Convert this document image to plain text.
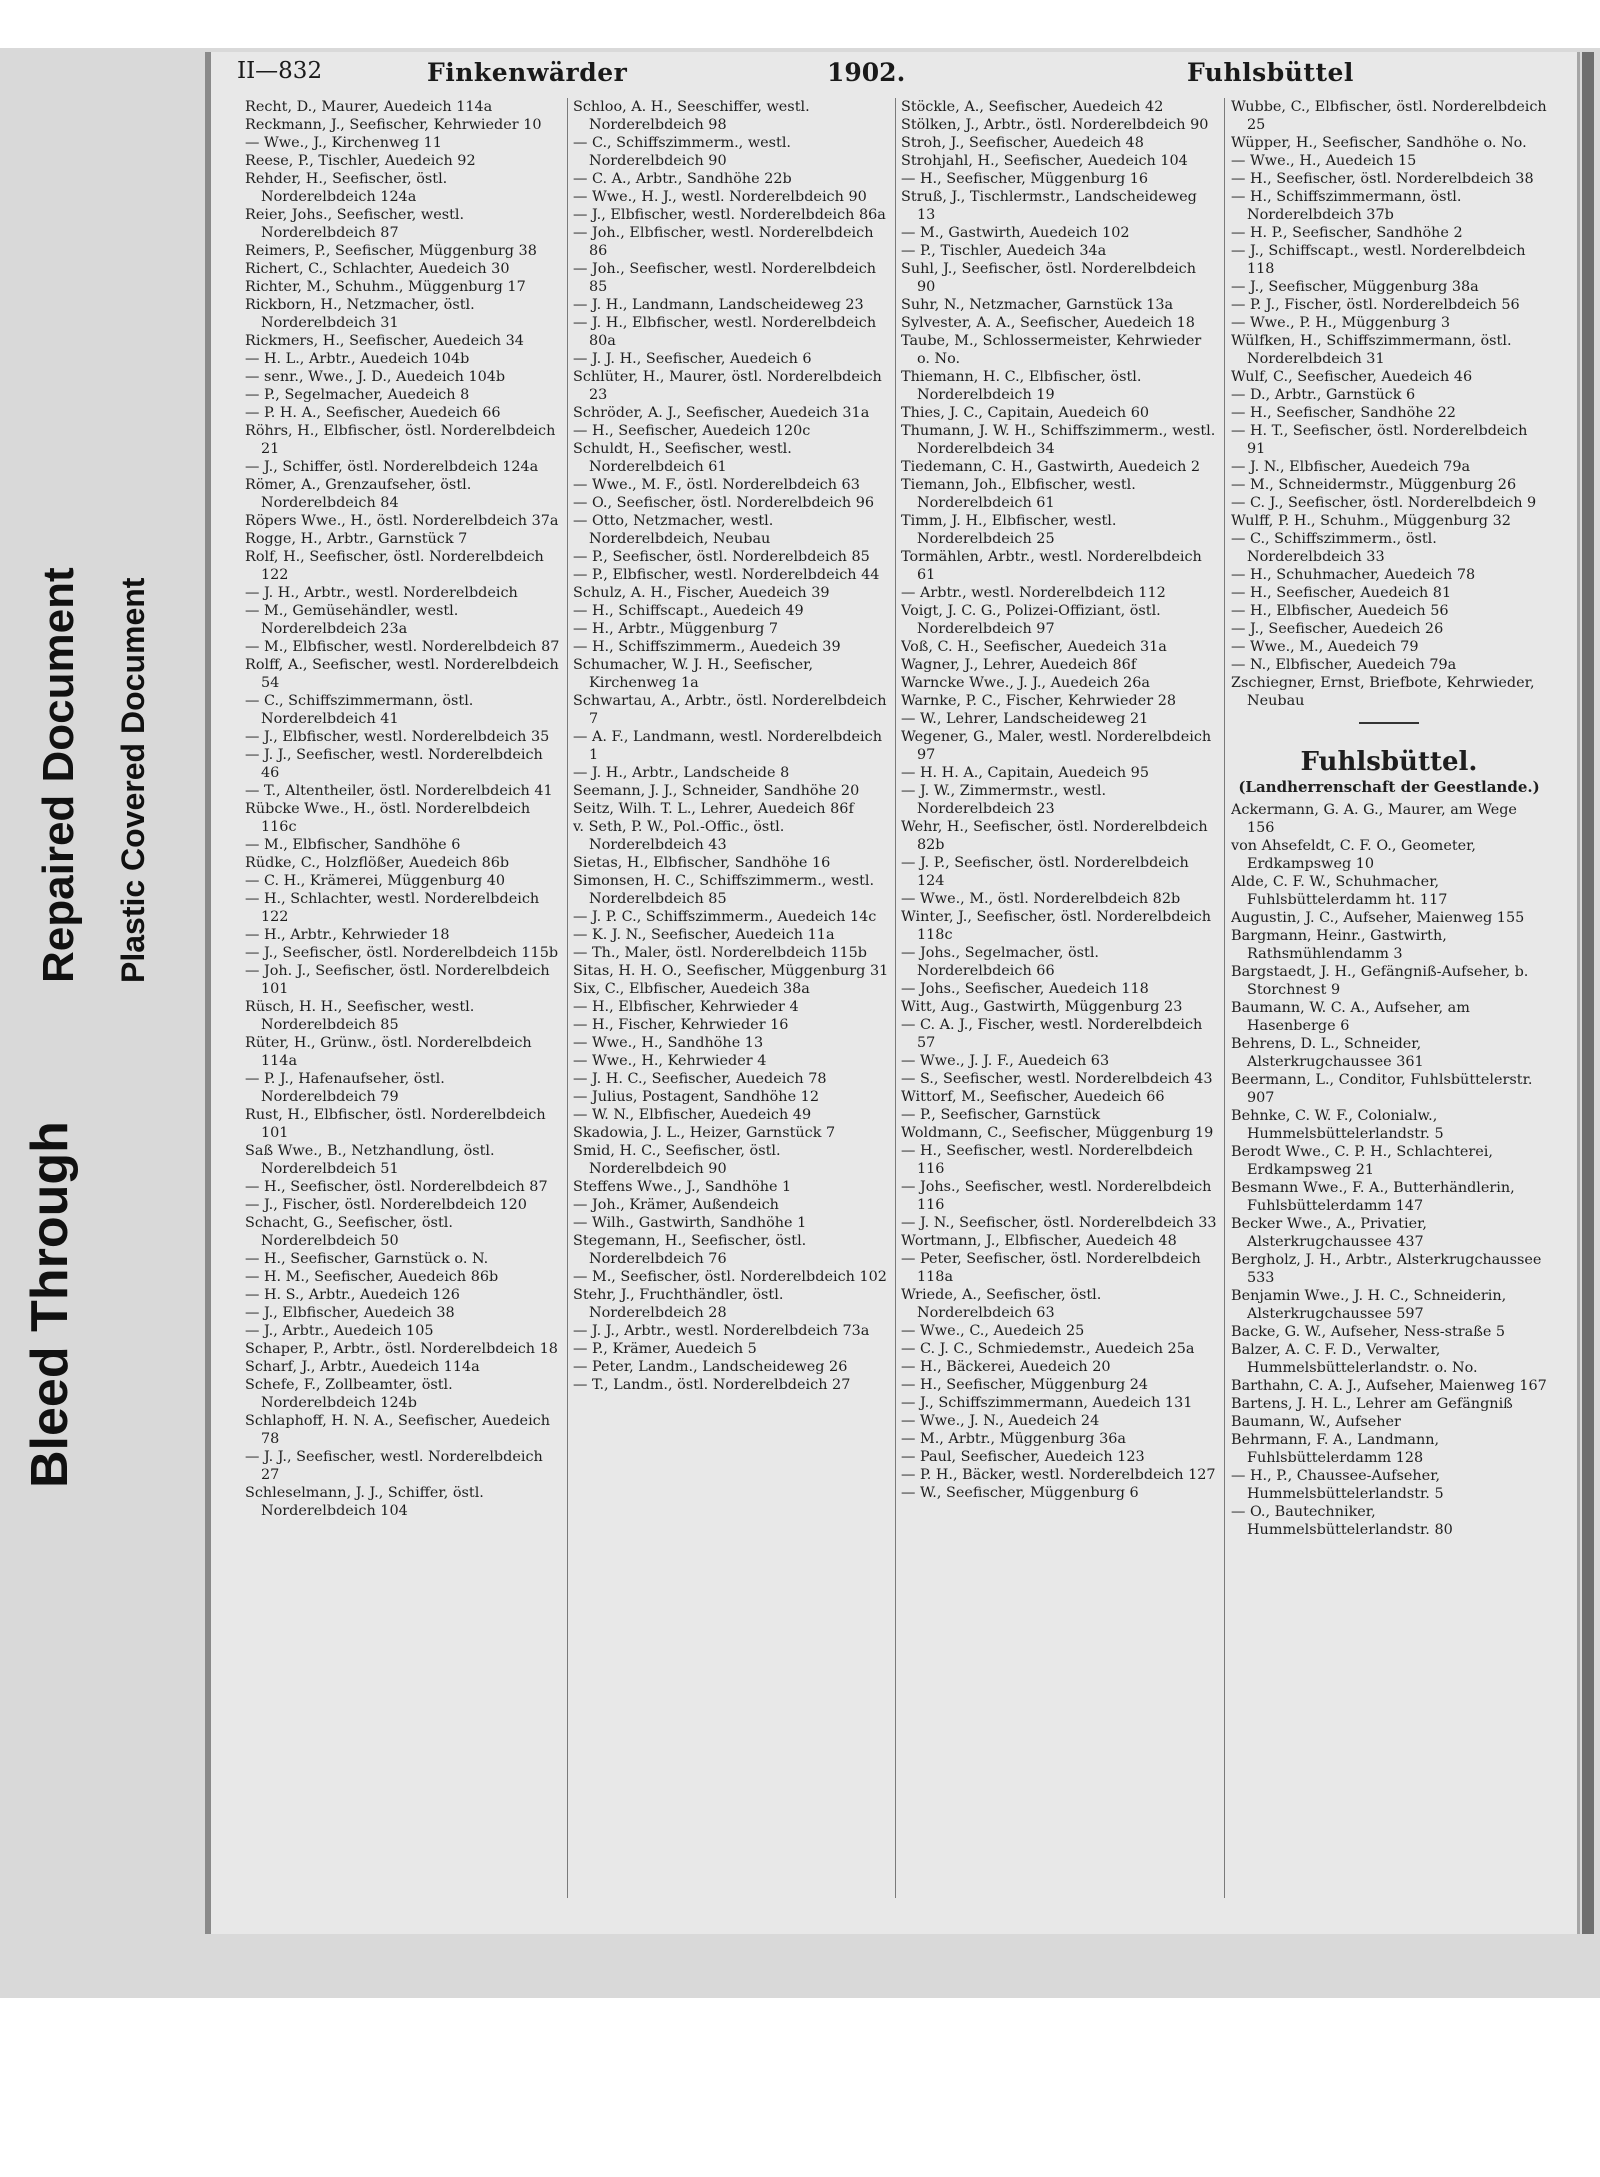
Bleed Through
Repaired Document Plastic Covered Document
II—832	Finkenwärder	1902.	Fuhlsbüttel

Recht, D., Maurer, Auedeich 114a

Reckmann, J., Seefischer, Kehrwieder 10

— Wwe., J., Kirchenweg 11

Reese, P., Tischler, Auedeich 92

Rehder, H., Seefischer, östl. Norderelbdeich 124a

Reier, Johs., Seefischer, westl. Norderelbdeich 87

Reimers, P., Seefischer, Müggenburg 38

Richert, C., Schlachter, Auedeich 30

Richter, M., Schuhm., Müggenburg 17

Rickborn, H., Netzmacher, östl. Norderelbdeich 31

Rickmers, H., Seefischer, Auedeich 34

— H. L., Arbtr., Auedeich 104b

— senr., Wwe., J. D., Auedeich 104b

— P., Segelmacher, Auedeich 8

— P. H. A., Seefischer, Auedeich 66

Röhrs, H., Elbfischer, östl. Norderelbdeich 21

— J., Schiffer, östl. Norderelbdeich 124a

Römer, A., Grenzaufseher, östl. Norderelbdeich 84

Röpers Wwe., H., östl. Norderelbdeich 37a

Rogge, H., Arbtr., Garnstück 7

Rolf, H., Seefischer, östl. Norderelbdeich 122

— J. H., Arbtr., westl. Norderelbdeich

— M., Gemüsehändler, westl. Norderelbdeich 23a

— M., Elbfischer, westl. Norderelbdeich 87

Rolff, A., Seefischer, westl. Norderelbdeich 54

— C., Schiffszimmermann, östl. Norderelbdeich 41

— J., Elbfischer, westl. Norderelbdeich 35

— J. J., Seefischer, westl. Norderelbdeich 46

— T., Altentheiler, östl. Norderelbdeich 41

Rübcke Wwe., H., östl. Norderelbdeich 116c

— M., Elbfischer, Sandhöhe 6

Rüdke, C., Holzflößer, Auedeich 86b

— C. H., Krämerei, Müggenburg 40

— H., Schlachter, westl. Norderelbdeich 122

— H., Arbtr., Kehrwieder 18

— J., Seefischer, östl. Norderelbdeich 115b

— Joh. J., Seefischer, östl. Norderelbdeich 101

Rüsch, H. H., Seefischer, westl. Norderelbdeich 85

Rüter, H., Grünw., östl. Norderelbdeich 114a

— P. J., Hafenaufseher, östl. Norderelbdeich 79

Rust, H., Elbfischer, östl. Norderelbdeich 101

Saß Wwe., B., Netzhandlung, östl. Norderelbdeich 51

— H., Seefischer, östl. Norderelbdeich 87

— J., Fischer, östl. Norderelbdeich 120

Schacht, G., Seefischer, östl. Norderelbdeich 50

— H., Seefischer, Garnstück o. N.

— H. M., Seefischer, Auedeich 86b

— H. S., Arbtr., Auedeich 126

— J., Elbfischer, Auedeich 38

— J., Arbtr., Auedeich 105

Schaper, P., Arbtr., östl. Norderelbdeich 18

Scharf, J., Arbtr., Auedeich 114a

Schefe, F., Zollbeamter, östl. Norderelbdeich 124b

Schlaphoff, H. N. A., Seefischer, Auedeich 78

— J. J., Seefischer, westl. Norderelbdeich 27

Schleselmann, J. J., Schiffer, östl. Norderelbdeich 104

Schloo, A. H., Seeschiffer, westl. Norderelbdeich 98

— C., Schiffszimmerm., westl. Norderelbdeich 90

— C. A., Arbtr., Sandhöhe 22b

— Wwe., H. J., westl. Norderelbdeich 90

— J., Elbfischer, westl. Norderelbdeich 86a

— Joh., Elbfischer, westl. Norderelbdeich 86

— Joh., Seefischer, westl. Norderelbdeich 85

— J. H., Landmann, Landscheideweg 23

— J. H., Elbfischer, westl. Norderelbdeich 80a

— J. J. H., Seefischer, Auedeich 6

Schlüter, H., Maurer, östl. Norderelbdeich 23

Schröder, A. J., Seefischer, Auedeich 31a

— H., Seefischer, Auedeich 120c

Schuldt, H., Seefischer, westl. Norderelbdeich 61

— Wwe., M. F., östl. Norderelbdeich 63

— O., Seefischer, östl. Norderelbdeich 96

— Otto, Netzmacher, westl. Norderelbdeich, Neubau

— P., Seefischer, östl. Norderelbdeich 85

— P., Elbfischer, westl. Norderelbdeich 44

Schulz, A. H., Fischer, Auedeich 39

— H., Schiffscapt., Auedeich 49

— H., Arbtr., Müggenburg 7

— H., Schiffszimmerm., Auedeich 39

Schumacher, W. J. H., Seefischer, Kirchenweg 1a

Schwartau, A., Arbtr., östl. Norderelbdeich 7

— A. F., Landmann, westl. Norderelbdeich 1

— J. H., Arbtr., Landscheide 8

Seemann, J. J., Schneider, Sandhöhe 20

Seitz, Wilh. T. L., Lehrer, Auedeich 86f

v. Seth, P. W., Pol.-Offic., östl. Norderelbdeich 43

Sietas, H., Elbfischer, Sandhöhe 16

Simonsen, H. C., Schiffszimmerm., westl. Norderelbdeich 85

— J. P. C., Schiffszimmerm., Auedeich 14c

— K. J. N., Seefischer, Auedeich 11a

— Th., Maler, östl. Norderelbdeich 115b

Sitas, H. H. O., Seefischer, Müggenburg 31

Six, C., Elbfischer, Auedeich 38a

— H., Elbfischer, Kehrwieder 4

— H., Fischer, Kehrwieder 16

— Wwe., H., Sandhöhe 13

— Wwe., H., Kehrwieder 4

— J. H. C., Seefischer, Auedeich 78

— Julius, Postagent, Sandhöhe 12

— W. N., Elbfischer, Auedeich 49

Skadowia, J. L., Heizer, Garnstück 7

Smid, H. C., Seefischer, östl. Norderelbdeich 90

Steffens Wwe., J., Sandhöhe 1

— Joh., Krämer, Außendeich

— Wilh., Gastwirth, Sandhöhe 1

Stegemann, H., Seefischer, östl. Norderelbdeich 76

— M., Seefischer, östl. Norderelbdeich 102

Stehr, J., Fruchthändler, östl. Norderelbdeich 28

— J. J., Arbtr., westl. Norderelbdeich 73a

— P., Krämer, Auedeich 5

— Peter, Landm., Landscheideweg 26

— T., Landm., östl. Norderelbdeich 27

Stöckle, A., Seefischer, Auedeich 42

Stölken, J., Arbtr., östl. Norderelbdeich 90

Stroh, J., Seefischer, Auedeich 48

Strohjahl, H., Seefischer, Auedeich 104

— H., Seefischer, Müggenburg 16

Struß, J., Tischlermstr., Landscheideweg 13

— M., Gastwirth, Auedeich 102

— P., Tischler, Auedeich 34a

Suhl, J., Seefischer, östl. Norderelbdeich 90

Suhr, N., Netzmacher, Garnstück 13a

Sylvester, A. A., Seefischer, Auedeich 18

Taube, M., Schlossermeister, Kehrwieder o. No.

Thiemann, H. C., Elbfischer, östl. Norderelbdeich 19

Thies, J. C., Capitain, Auedeich 60

Thumann, J. W. H., Schiffszimmerm., westl. Norderelbdeich 34

Tiedemann, C. H., Gastwirth, Auedeich 2

Tiemann, Joh., Elbfischer, westl. Norderelbdeich 61

Timm, J. H., Elbfischer, westl. Norderelbdeich 25

Tormählen, Arbtr., westl. Norderelbdeich 61

— Arbtr., westl. Norderelbdeich 112

Voigt, J. C. G., Polizei-Offiziant, östl. Norderelbdeich 97

Voß, C. H., Seefischer, Auedeich 31a

Wagner, J., Lehrer, Auedeich 86f

Warncke Wwe., J. J., Auedeich 26a

Warnke, P. C., Fischer, Kehrwieder 28

— W., Lehrer, Landscheideweg 21

Wegener, G., Maler, westl. Norderelbdeich 97

— H. H. A., Capitain, Auedeich 95

— J. W., Zimmermstr., westl. Norderelbdeich 23

Wehr, H., Seefischer, östl. Norderelbdeich 82b

— J. P., Seefischer, östl. Norderelbdeich 124

— Wwe., M., östl. Norderelbdeich 82b

Winter, J., Seefischer, östl. Norderelbdeich 118c

— Johs., Segelmacher, östl. Norderelbdeich 66

— Johs., Seefischer, Auedeich 118

Witt, Aug., Gastwirth, Müggenburg 23

— C. A. J., Fischer, westl. Norderelbdeich 57

— Wwe., J. J. F., Auedeich 63

— S., Seefischer, westl. Norderelbdeich 43

Wittorf, M., Seefischer, Auedeich 66

— P., Seefischer, Garnstück

Woldmann, C., Seefischer, Müggenburg 19

— H., Seefischer, westl. Norderelbdeich 116

— Johs., Seefischer, westl. Norderelbdeich 116

— J. N., Seefischer, östl. Norderelbdeich 33

Wortmann, J., Elbfischer, Auedeich 48

— Peter, Seefischer, östl. Norderelbdeich 118a

Wriede, A., Seefischer, östl. Norderelbdeich 63

— Wwe., C., Auedeich 25

— C. J. C., Schmiedemstr., Auedeich 25a

— H., Bäckerei, Auedeich 20

— H., Seefischer, Müggenburg 24

— J., Schiffszimmermann, Auedeich 131

— Wwe., J. N., Auedeich 24

— M., Arbtr., Müggenburg 36a

— Paul, Seefischer, Auedeich 123

— P. H., Bäcker, westl. Norderelbdeich 127

— W., Seefischer, Müggenburg 6

Wubbe, C., Elbfischer, östl. Norderelbdeich 25

Wüpper, H., Seefischer, Sandhöhe o. No.

— Wwe., H., Auedeich 15

— H., Seefischer, östl. Norderelbdeich 38

— H., Schiffszimmermann, östl. Norderelbdeich 37b

— H. P., Seefischer, Sandhöhe 2

— J., Schiffscapt., westl. Norderelbdeich 118

— J., Seefischer, Müggenburg 38a

— P. J., Fischer, östl. Norderelbdeich 56

— Wwe., P. H., Müggenburg 3

Wülfken, H., Schiffszimmermann, östl. Norderelbdeich 31

Wulf, C., Seefischer, Auedeich 46

— D., Arbtr., Garnstück 6

— H., Seefischer, Sandhöhe 22

— H. T., Seefischer, östl. Norderelbdeich 91

— J. N., Elbfischer, Auedeich 79a

— M., Schneidermstr., Müggenburg 26

— C. J., Seefischer, östl. Norderelbdeich 9

Wulff, P. H., Schuhm., Müggenburg 32

— C., Schiffszimmerm., östl. Norderelbdeich 33

— H., Schuhmacher, Auedeich 78

— H., Seefischer, Auedeich 81

— H., Elbfischer, Auedeich 56

— J., Seefischer, Auedeich 26

— Wwe., M., Auedeich 79

— N., Elbfischer, Auedeich 79a

Zschiegner, Ernst, Briefbote, Kehrwieder, Neubau

Fuhlsbüttel.
(Landherrenschaft der Geestlande.)

Ackermann, G. A. G., Maurer, am Wege 156

von Ahsefeldt, C. F. O., Geometer, Erdkampsweg 10

Alde, C. F. W., Schuhmacher, Fuhlsbüttelerdamm ht. 117

Augustin, J. C., Aufseher, Maienweg 155

Bargmann, Heinr., Gastwirth, Rathsmühlendamm 3

Bargstaedt, J. H., Gefängniß-Aufseher, b. Storchnest 9

Baumann, W. C. A., Aufseher, am Hasenberge 6

Behrens, D. L., Schneider, Alsterkrugchaussee 361

Beermann, L., Conditor, Fuhlsbüttelerstr. 907

Behnke, C. W. F., Colonialw., Hummelsbüttelerlandstr. 5

Berodt Wwe., C. P. H., Schlachterei, Erdkampsweg 21

Besmann Wwe., F. A., Butterhändlerin, Fuhlsbüttelerdamm 147

Becker Wwe., A., Privatier, Alsterkrugchaussee 437

Bergholz, J. H., Arbtr., Alsterkrugchaussee 533

Benjamin Wwe., J. H. C., Schneiderin, Alsterkrugchaussee 597

Backe, G. W., Aufseher, Ness-straße 5

Balzer, A. C. F. D., Verwalter, Hummelsbüttelerlandstr. o. No.

Barthahn, C. A. J., Aufseher, Maienweg 167

Bartens, J. H. L., Lehrer am Gefängniß

Baumann, W., Aufseher

Behrmann, F. A., Landmann, Fuhlsbüttelerdamm 128

— H., P., Chaussee-Aufseher, Hummelsbüttelerlandstr. 5

— O., Bautechniker, Hummelsbüttelerlandstr. 80
